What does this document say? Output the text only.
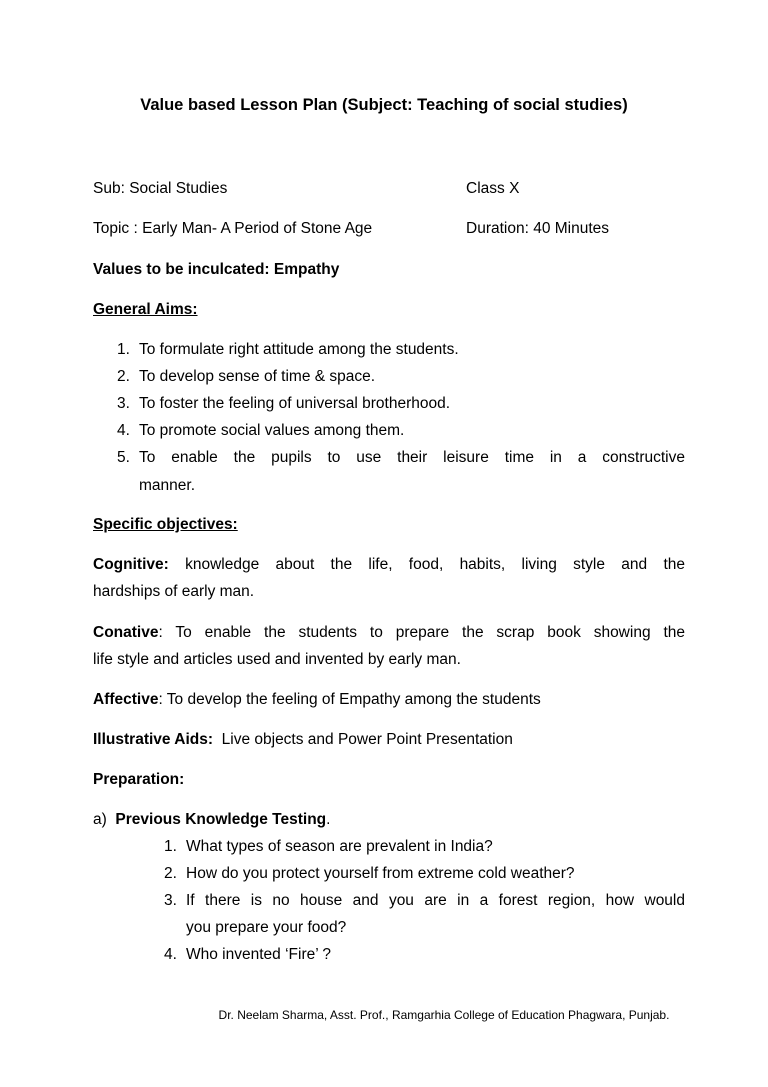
Value based Lesson Plan (Subject: Teaching of social studies)
Sub: Social Studies	Class X
Topic : Early Man- A Period of Stone Age	Duration: 40 Minutes
Values to be inculcated: Empathy
General Aims:
1. To formulate right attitude among the students.
2. To develop sense of time & space.
3. To foster the feeling of universal brotherhood.
4. To promote social values among them.
5. To enable the pupils to use their leisure time in a constructive
manner.
Specific objectives:
Cognitive: knowledge about the life, food, habits, living style and the
hardships of early man.
Conative: To enable the students to prepare the scrap book showing the
life style and articles used and invented by early man.
Affective: To develop the feeling of Empathy among the students
Illustrative Aids: Live objects and Power Point Presentation
Preparation:
a) Previous Knowledge Testing.
1. What types of season are prevalent in India?
2. How do you protect yourself from extreme cold weather?
3. If there is no house and you are in a forest region, how would
you prepare your food?
4. Who invented ‘Fire’ ?
Dr. Neelam Sharma, Asst. Prof., Ramgarhia College of Education Phagwara, Punjab.
